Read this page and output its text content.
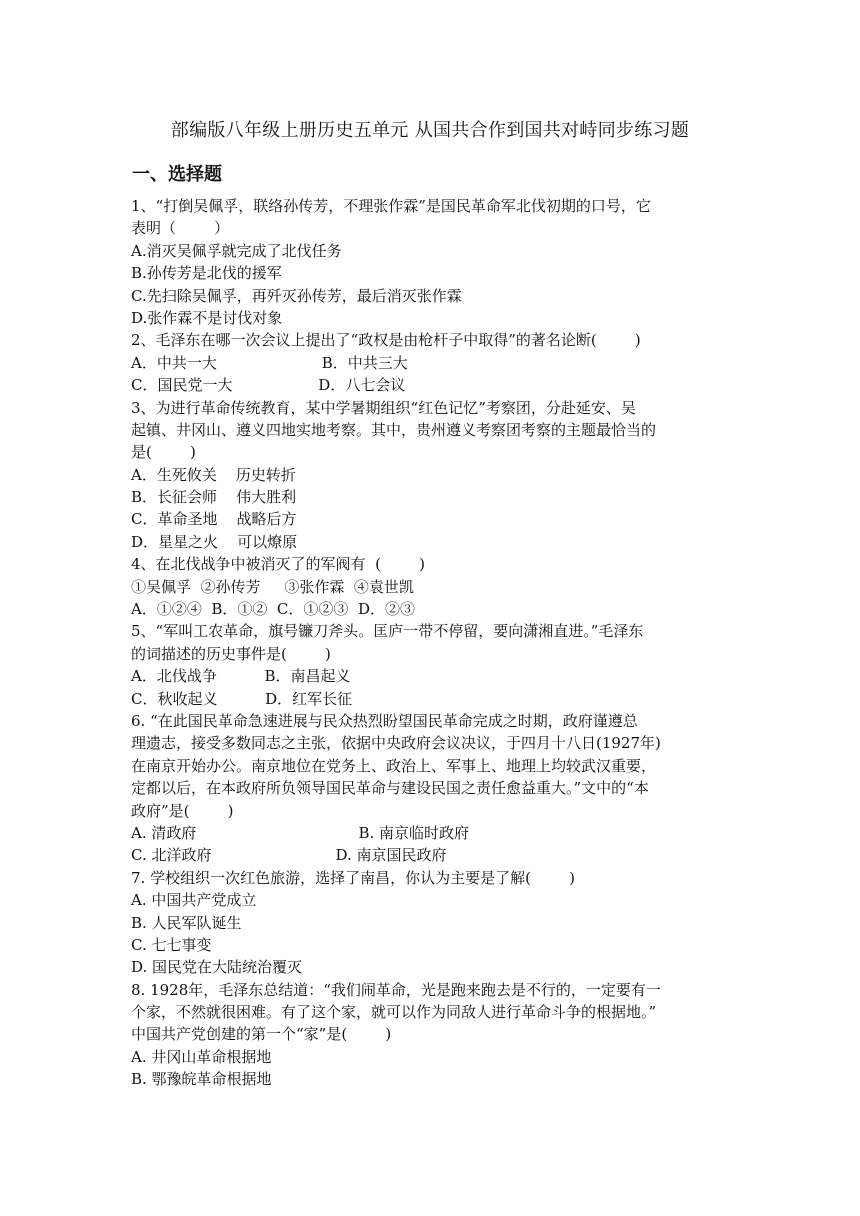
部编版八年级上册历史五单元 从国共合作到国共对峙同步练习题
一、选择题
1、“打倒吴佩孚，联络孙传芳，不理张作霖”是国民革命军北伐初期的口号，它
表明（        ）
A.消灭吴佩孚就完成了北伐任务
B.孙传芳是北伐的援军
C.先扫除吴佩孚，再歼灭孙传芳，最后消灭张作霖
D.张作霖不是讨伐对象
2、毛泽东在哪一次会议上提出了“政权是由枪杆子中取得”的著名论断(        )
A．中共一大                      B．中共三大
C．国民党一大                  D．八七会议
3、为进行革命传统教育，某中学暑期组织“红色记忆”考察团，分赴延安、吴
起镇、井冈山、遵义四地实地考察。其中，贵州遵义考察团考察的主题最恰当的
是(        )
A．生死攸关    历史转折
B．长征会师    伟大胜利
C．革命圣地    战略后方
D．星星之火    可以燎原
4、在北伐战争中被消灭了的军阀有  (        )
①吴佩孚  ②孙传芳     ③张作霖  ④袁世凯
A．①②④  B．①②  C．①②③  D．②③
5、“军叫工农革命，旗号镰刀斧头。匡庐一带不停留，要向潇湘直进。”毛泽东
的词描述的历史事件是(        )
A．北伐战争          B．南昌起义
C．秋收起义          D．红军长征
6. “在此国民革命急速进展与民众热烈盼望国民革命完成之时期，政府谨遵总
理遗志，接受多数同志之主张，依据中央政府会议决议，于四月十八日(1927年)
在南京开始办公。南京地位在党务上、政治上、军事上、地理上均较武汉重要，
定都以后，在本政府所负领导国民革命与建设民国之责任愈益重大。”文中的“本
政府”是(        )
A. 清政府                                  B. 南京临时政府
C. 北洋政府                          D. 南京国民政府
7. 学校组织一次红色旅游，选择了南昌，你认为主要是了解(        )
A. 中国共产党成立
B. 人民军队诞生
C. 七七事变
D. 国民党在大陆统治覆灭
8. 1928年，毛泽东总结道：“我们闹革命，光是跑来跑去是不行的，一定要有一
个家，不然就很困难。有了这个家，就可以作为同敌人进行革命斗争的根据地。”
中国共产党创建的第一个“家”是(        )
A. 井冈山革命根据地
B. 鄂豫皖革命根据地
